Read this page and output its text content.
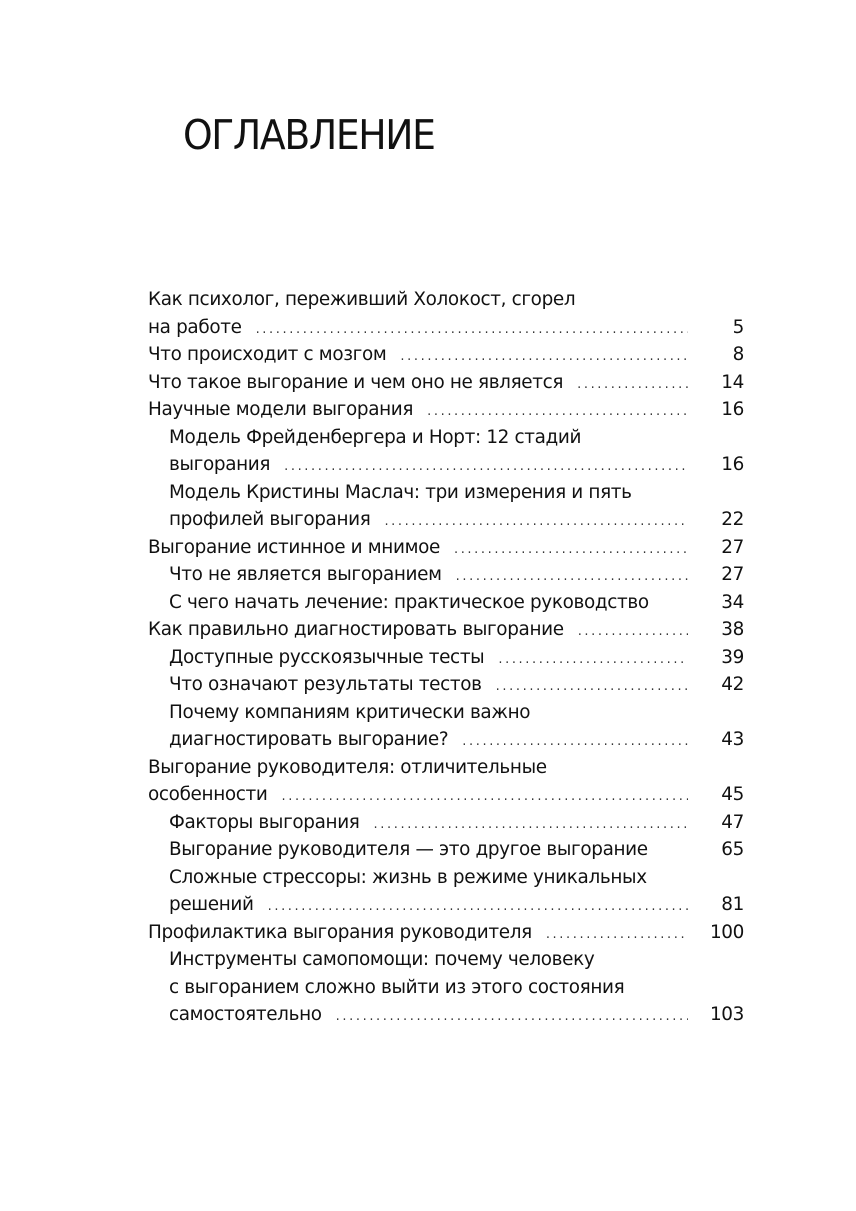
ОГЛАВЛЕНИЕ
Как психолог, переживший Холокост, сгорел
на работе .....	5
Что происходит с мозгом .....	8
Что такое выгорание и чем оно не является .....	14
Научные модели выгорания .....	16
Модель Фрейденбергера и Норт: 12 стадий
выгорания .....	16
Модель Кристины Маслач: три измерения и пять
профилей выгорания .....	22
Выгорание истинное и мнимое .....	27
Что не является выгоранием .....	27
С чего начать лечение: практическое руководство	34
Как правильно диагностировать выгорание .....	38
Доступные русскоязычные тесты .....	39
Что означают результаты тестов .....	42
Почему компаниям критически важно
диагностировать выгорание? .....	43
Выгорание руководителя: отличительные
особенности .....	45
Факторы выгорания .....	47
Выгорание руководителя — это другое выгорание	65
Сложные стрессоры: жизнь в режиме уникальных
решений .....	81
Профилактика выгорания руководителя .....	100
Инструменты самопомощи: почему человеку
с выгоранием сложно выйти из этого состояния
самостоятельно .....	103
